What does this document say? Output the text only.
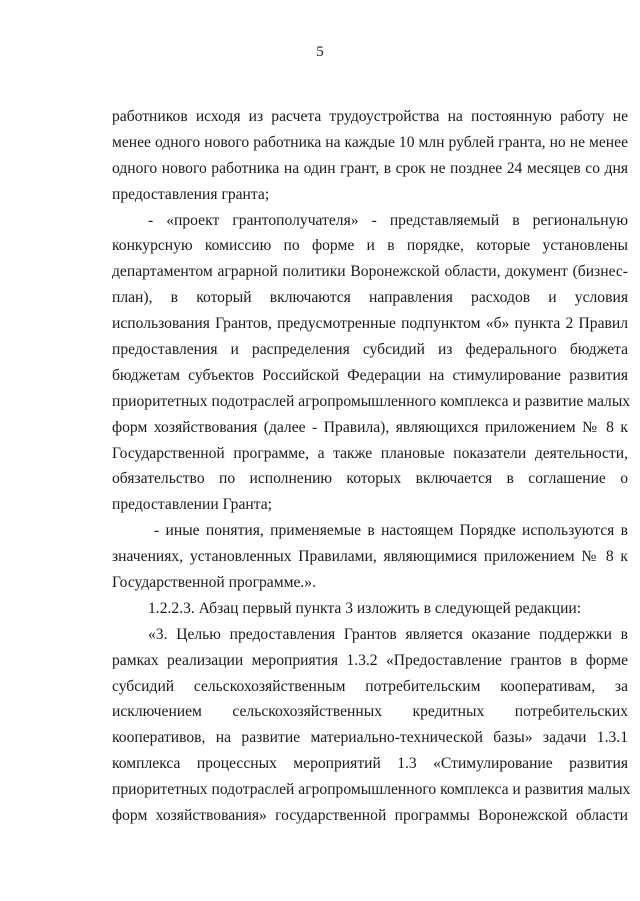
5
работников исходя из расчета трудоустройства на постоянную работу не
менее одного нового работника на каждые 10 млн рублей гранта, но не менее
одного нового работника на один грант, в срок не позднее 24 месяцев со дня
предоставления гранта;
- «проект грантополучателя» - представляемый в региональную
конкурсную комиссию по форме и в порядке, которые установлены
департаментом аграрной политики Воронежской области, документ (бизнес-
план), в который включаются направления расходов и условия
использования Грантов, предусмотренные подпунктом «б» пункта 2 Правил
предоставления и распределения субсидий из федерального бюджета
бюджетам субъектов Российской Федерации на стимулирование развития
приоритетных подотраслей агропромышленного комплекса и развитие малых
форм хозяйствования (далее - Правила), являющихся приложением № 8 к
Государственной программе, а также плановые показатели деятельности,
обязательство по исполнению которых включается в соглашение о
предоставлении Гранта;
- иные понятия, применяемые в настоящем Порядке используются в
значениях, установленных Правилами, являющимися приложением № 8 к
Государственной программе.».
1.2.2.3. Абзац первый пункта 3 изложить в следующей редакции:
«3. Целью предоставления Грантов является оказание поддержки в
рамках реализации мероприятия 1.3.2 «Предоставление грантов в форме
субсидий сельскохозяйственным потребительским кооперативам, за
исключением сельскохозяйственных кредитных потребительских
кооперативов, на развитие материально-технической базы» задачи 1.3.1
комплекса процессных мероприятий 1.3 «Стимулирование развития
приоритетных подотраслей агропромышленного комплекса и развития малых
форм хозяйствования» государственной программы Воронежской области
